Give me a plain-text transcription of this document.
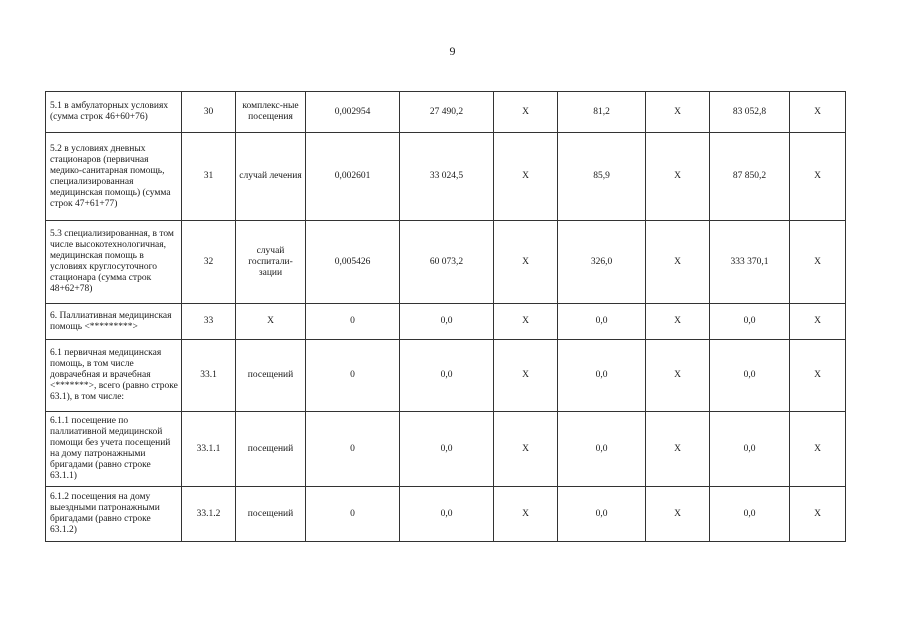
9
5.1 в амбулаторных условиях (сумма строк 46+60+76)	30	комплекс-ные посещения	0,002954	27 490,2	Х	81,2	Х	83 052,8	Х
5.2 в условиях дневных стационаров (первичная медико-санитарная помощь, специализированная медицинская помощь) (сумма строк 47+61+77)	31	случай лечения	0,002601	33 024,5	Х	85,9	Х	87 850,2	Х
5.3 специализированная, в том числе высокотехнологичная, медицинская помощь в условиях круглосуточного стационара (сумма строк 48+62+78)	32	случай госпитали-зации	0,005426	60 073,2	Х	326,0	Х	333 370,1	Х
6. Паллиативная медицинская помощь <*********>	33	Х	0	0,0	Х	0,0	Х	0,0	Х
6.1 первичная медицинская помощь, в том числе доврачебная и врачебная <*******>, всего (равно строке 63.1), в том числе:	33.1	посещений	0	0,0	Х	0,0	Х	0,0	Х
6.1.1 посещение по паллиативной медицинской помощи без учета посещений на дому патронажными бригадами (равно строке 63.1.1)	33.1.1	посещений	0	0,0	Х	0,0	Х	0,0	Х
6.1.2 посещения на дому выездными патронажными бригадами (равно строке 63.1.2)	33.1.2	посещений	0	0,0	Х	0,0	Х	0,0	Х
